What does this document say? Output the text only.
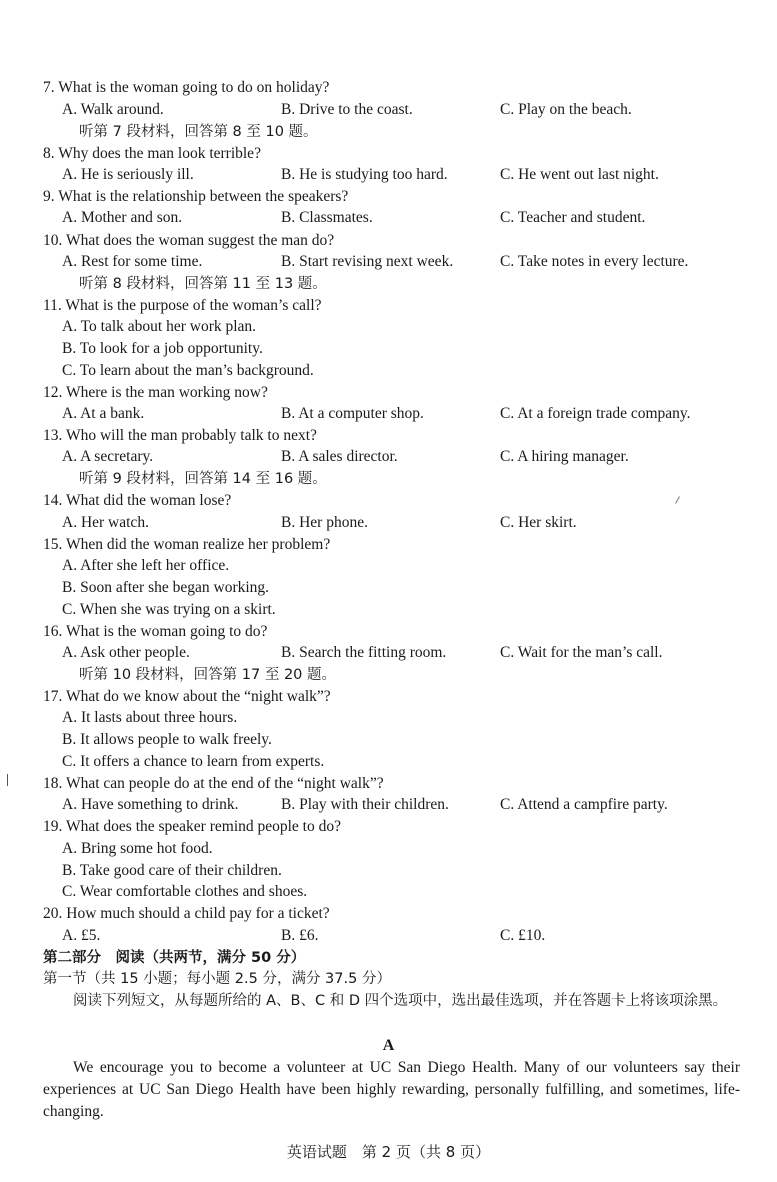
7. What is the woman going to do on holiday?
A. Walk around.	B. Drive to the coast.	C. Play on the beach.
听第 7 段材料，回答第 8 至 10 题。
8. Why does the man look terrible?
A. He is seriously ill.	B. He is studying too hard.	C. He went out last night.
9. What is the relationship between the speakers?
A. Mother and son.	B. Classmates.	C. Teacher and student.
10. What does the woman suggest the man do?
A. Rest for some time.	B. Start revising next week.	C. Take notes in every lecture.
听第 8 段材料，回答第 11 至 13 题。
11. What is the purpose of the woman’s call?
A. To talk about her work plan.
B. To look for a job opportunity.
C. To learn about the man’s background.
12. Where is the man working now?
A. At a bank.	B. At a computer shop.	C. At a foreign trade company.
13. Who will the man probably talk to next?
A. A secretary.	B. A sales director.	C. A hiring manager.
听第 9 段材料，回答第 14 至 16 题。
14. What did the woman lose?
A. Her watch.	B. Her phone.	C. Her skirt.
15. When did the woman realize her problem?
A. After she left her office.
B. Soon after she began working.
C. When she was trying on a skirt.
16. What is the woman going to do?
A. Ask other people.	B. Search the fitting room.	C. Wait for the man’s call.
听第 10 段材料，回答第 17 至 20 题。
17. What do we know about the “night walk”?
A. It lasts about three hours.
B. It allows people to walk freely.
C. It offers a chance to learn from experts.
18. What can people do at the end of the “night walk”?
A. Have something to drink.	B. Play with their children.	C. Attend a campfire party.
19. What does the speaker remind people to do?
A. Bring some hot food.
B. Take good care of their children.
C. Wear comfortable clothes and shoes.
20. How much should a child pay for a ticket?
A. £5.	B. £6.	C. £10.
第二部分　阅读（共两节，满分 50 分）
第一节（共 15 小题；每小题 2.5 分，满分 37.5 分）
阅读下列短文，从每题所给的 A、B、C 和 D 四个选项中，选出最佳选项，并在答题卡上将该项涂黑。
A

We encourage you to become a volunteer at UC San Diego Health. Many of our volunteers say their experiences at UC San Diego Health have been highly rewarding, personally fulfilling, and sometimes, life-changing.

英语试题　第 2 页（共 8 页）
